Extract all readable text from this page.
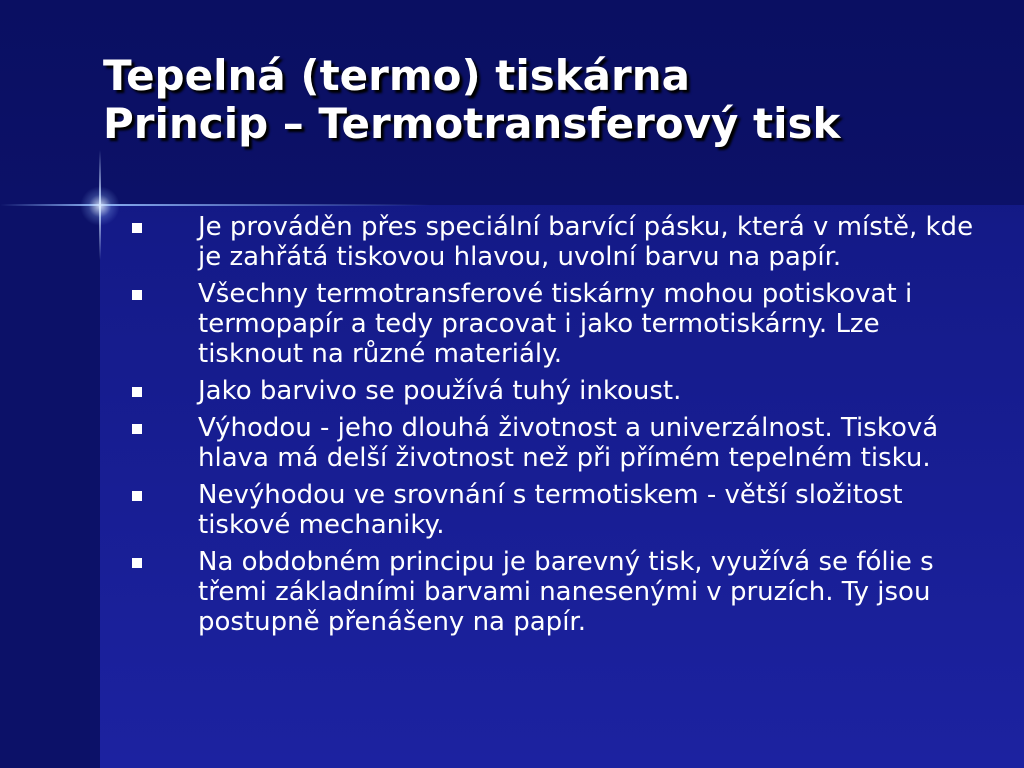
Tepelná (termo) tiskárna
Princip – Termotransferový tisk
Je prováděn přes speciální barvící pásku, která v místě, kde je zahřátá tiskovou hlavou, uvolní barvu na papír.
Všechny termotransferové tiskárny mohou potiskovat i termopapír a tedy pracovat i jako termotiskárny. Lze tisknout na různé materiály.
Jako barvivo se používá tuhý inkoust.
Výhodou - jeho dlouhá životnost a univerzálnost. Tisková hlava má delší životnost než při přímém tepelném tisku.
Nevýhodou ve srovnání s termotiskem - větší složitost tiskové mechaniky.
Na obdobném principu je barevný tisk, využívá se fólie s třemi základními barvami nanesenými v pruzích. Ty jsou postupně přenášeny na papír.
